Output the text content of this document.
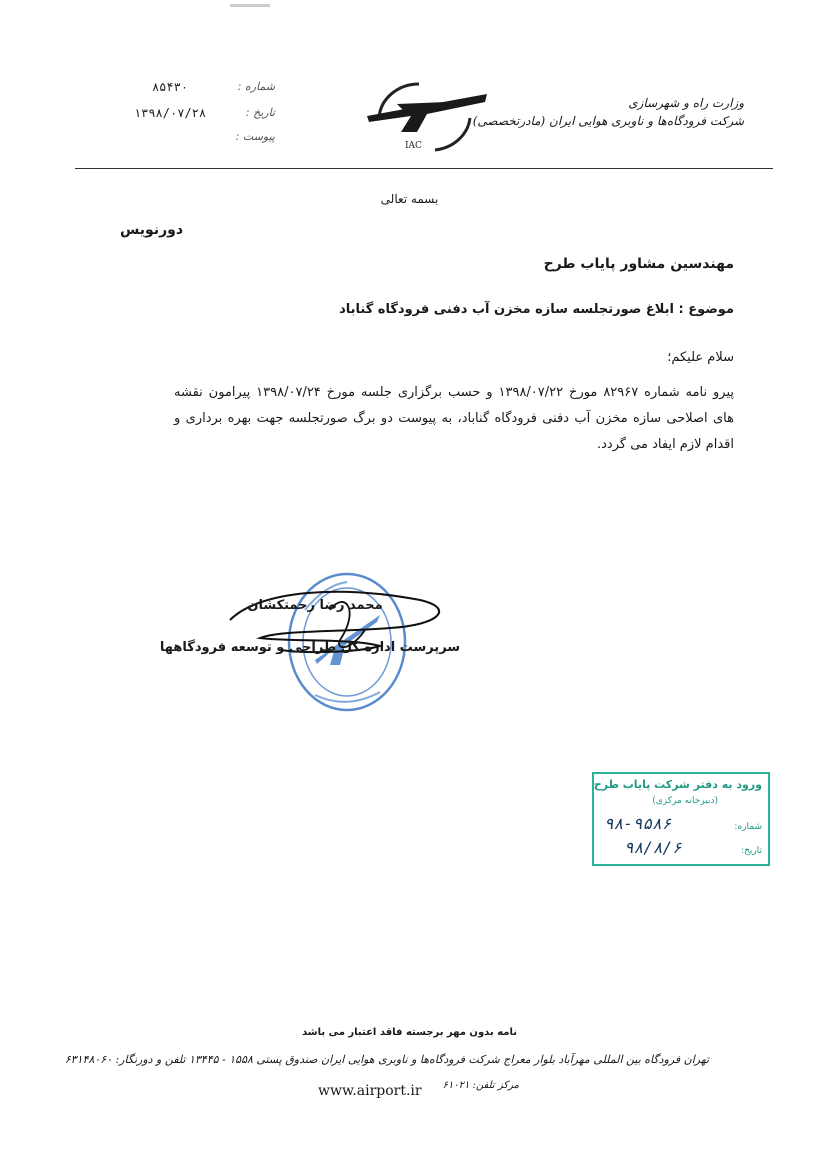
وزارت راه و شهرسازی
شرکت فرودگاه‌ها و ناوبری هوایی ایران (مادرتخصصی)
IAC
شماره :
۸۵۴۳۰
تاریخ :
۱۳۹۸/۰۷/۲۸
پیوست :
بسمه تعالی
دورنویس
مهندسین مشاور پایاب طرح
موضوع : ابلاغ صورتجلسه سازه مخزن آب دفنی فرودگاه گناباد
سلام علیکم؛
پیرو نامه شماره ۸۲۹۶۷ مورخ ۱۳۹۸/۰۷/۲۲ و حسب برگزاری جلسه مورخ ۱۳۹۸/۰۷/۲۴ پیرامون نقشه های اصلاحی سازه مخزن آب دفنی فرودگاه گناباد، به پیوست دو برگ صورتجلسه جهت بهره برداری و اقدام لازم ایفاد می گردد.
محمد رضا رحمتکشان
سرپرست اداره کل طراحی و توسعه فرودگاهها
ورود به دفتر شرکت پایاب طرح
(دبیرخانه مرکزی)
شماره:
۹۸-۹۵۸۶
تاریخ:
۹۸/۸/۶
نامه بدون مهر برجسته فاقد اعتبار می باشد
تهران فرودگاه بین المللی مهرآباد بلوار معراج شرکت فرودگاه‌ها و ناوبری هوایی ایران صندوق پستی ۱۵۵۸ - ۱۳۴۴۵ تلفن و دورنگار: ۶۳۱۴۸۰۶۰
مرکز تلفن: ۶۱۰۲۱
www.airport.ir
